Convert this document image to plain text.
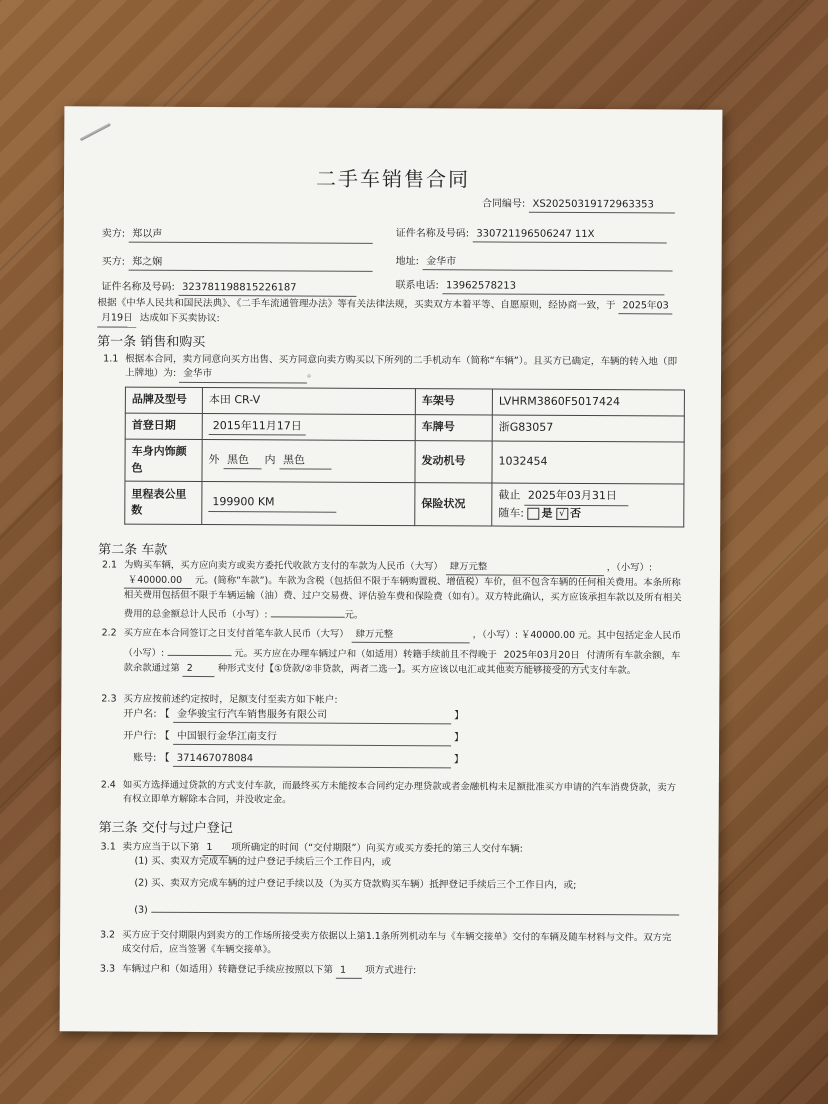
二手车销售合同
合同编号: XS20250319172963353
卖方: 郑以声	证件名称及号码: 330721196506247 11X
买方: 郑之娴	地址: 金华市
证件名称及号码: 323781198815226187	联系电话: 13962578213
根据《中华人民共和国民法典》、《二手车流通管理办法》等有关法律法规，买卖双方本着平等、自愿原则，经协商一致，于 2025年03
月19日 达成如下买卖协议:
第一条 销售和购买
1.1 根据本合同，卖方同意向买方出售、买方同意向卖方购买以下所列的二手机动车（简称“车辆”）。且买方已确定，车辆的转入地（即上牌地）为: 金华市	。
品牌及型号	本田 CR-V	车架号	LVHRM3860F5017424
首登日期	2015年11月17日	车牌号	浙G83057
车身内饰颜色	外 黑色 内 黑色	发动机号	1032454
里程表公里数	199900 KM	保险状况	截止 2025年03月31日
随车: 是 √ 否
第二条 车款
2.1 为购买车辆，买方应向卖方或卖方委托代收款方支付的车款为人民币（大写） 肆万元整	，（小写）: ￥40000.00 元。(简称“车款”)。车款为含税（包括但不限于车辆购置税、增值税）车价，但不包含车辆的任何相关费用。本条所称相关费用包括但不限于车辆运输（油）费、过户交易费、评估验车费和保险费（如有）。双方特此确认，买方应该承担车款以及所有相关费用的总金额总计人民币（小写）:	元。
2.2 买方应在本合同签订之日支付首笔车款人民币（大写） 肆万元整	，（小写）: ￥40000.00 元。其中包括定金人民币（小写）:	元。买方应在办理车辆过户和（如适用）转籍手续前且不得晚于 2025年03月20日 付清所有车款余额，车款余款通过第 2	种形式支付【①贷款/②非贷款，两者二选一】。买方应该以电汇或其他卖方能够接受的方式支付车款。
2.3 买方应按前述约定按时，足额支付至卖方如下帐户:
开户名: 【 金华骏宝行汽车销售服务有限公司	】
开户行: 【 中国银行金华江南支行	】
账号: 【 371467078084	】
2.4 如买方选择通过贷款的方式支付车款，而最终买方未能按本合同约定办理贷款或者金融机构未足额批准买方申请的汽车消费贷款，卖方有权立即单方解除本合同，并没收定金。
第三条 交付与过户登记
3.1 卖方应当于以下第 1 项所确定的时间（“交付期限”）向买方或买方委托的第三人交付车辆:
(1) 买、卖双方完成车辆的过户登记手续后三个工作日内，或
(2) 买、卖双方完成车辆的过户登记手续以及（为买方贷款购买车辆）抵押登记手续后三个工作日内，或;
(3)
3.2 买方应于交付期限内到卖方的工作场所接受卖方依据以上第1.1条所列机动车与《车辆交接单》交付的车辆及随车材料与文件。双方完成交付后，应当签署《车辆交接单》。
3.3 车辆过户和（如适用）转籍登记手续应按照以下第 1 项方式进行:
